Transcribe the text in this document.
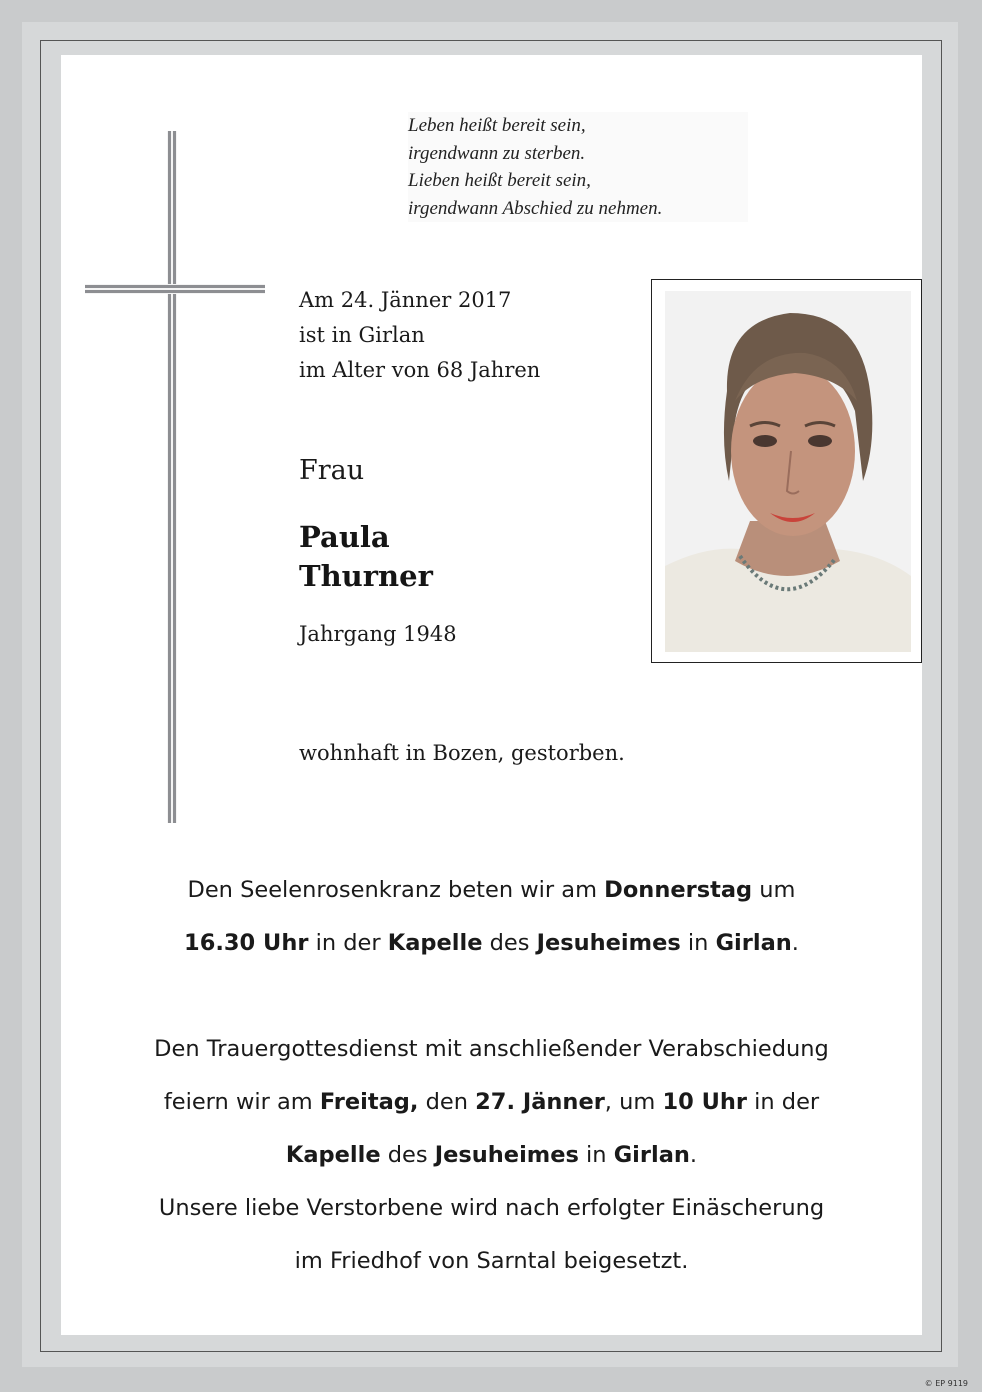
Leben heißt bereit sein,
irgendwann zu sterben.
Lieben heißt bereit sein,
irgendwann Abschied zu nehmen.
Am 24. Jänner 2017
ist in Girlan
im Alter von 68 Jahren
Frau
Paula
Thurner
Jahrgang 1948
wohnhaft in Bozen, gestorben.
Den Seelenrosenkranz beten wir am Donnerstag um
16.30 Uhr in der Kapelle des Jesuheimes in Girlan.
Den Trauergottesdienst mit anschließender Verabschiedung
feiern wir am Freitag, den 27. Jänner, um 10 Uhr in der
Kapelle des Jesuheimes in Girlan.
Unsere liebe Verstorbene wird nach erfolgter Einäscherung
im Friedhof von Sarntal beigesetzt.
© EP 9119
